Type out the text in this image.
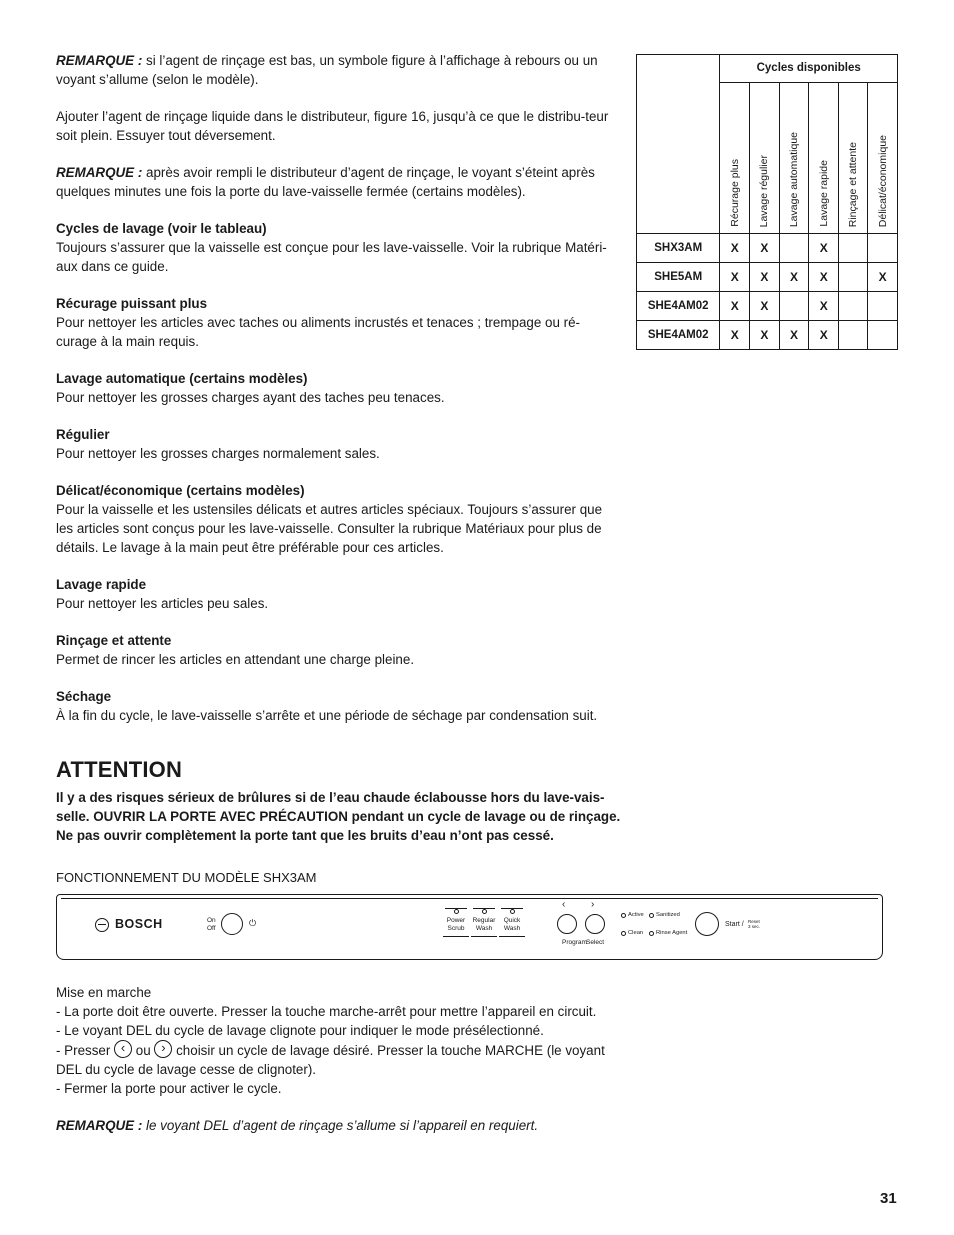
REMARQUE : si l’agent de rinçage est bas, un symbole figure à l’affichage à rebours ou un voyant s’allume (selon le modèle).

Ajouter l’agent de rinçage liquide dans le distributeur, figure 16, jusqu’à ce que le distribu-teur soit plein. Essuyer tout déversement.

REMARQUE : après avoir rempli le distributeur d’agent de rinçage, le voyant s’éteint après quelques minutes une fois la porte du lave-vaisselle fermée (certains modèles).

Cycles de lavage (voir le tableau)

Toujours s’assurer que la vaisselle est conçue pour les lave-vaisselle. Voir la rubrique Matéri-aux dans ce guide.

Récurage puissant plus

Pour nettoyer les articles avec taches ou aliments incrustés et tenaces ; trempage ou ré-curage à la main requis.

Lavage automatique (certains modèles)

Pour nettoyer les grosses charges ayant des taches peu tenaces.

Régulier

Pour nettoyer les grosses charges normalement sales.

Délicat/économique (certains modèles)

Pour la vaisselle et les ustensiles délicats et autres articles spéciaux. Toujours s’assurer que les articles sont conçus pour les lave-vaisselle. Consulter la rubrique Matériaux pour plus de détails. Le lavage à la main peut être préférable pour ces articles.

Lavage rapide

Pour nettoyer les articles peu sales.

Rinçage et attente

Permet de rincer les articles en attendant une charge pleine.

Séchage

À la fin du cycle, le lave-vaisselle s’arrête et une période de séchage par condensation suit.

ATTENTION

Il y a des risques sérieux de brûlures si de l’eau chaude éclabousse hors du lave-vais-selle. OUVRIR LA PORTE AVEC PRÉCAUTION pendant un cycle de lavage ou de rinçage. Ne pas ouvrir complètement la porte tant que les bruits d’eau n’ont pas cessé.

FONCTIONNEMENT DU MODÈLE SHX3AM
BOSCH	On
Off
⏻	Power
Scrub
Regular
Wash
Quick
Wash
‹	›
Program Select
Active Sanitized
Clean Rinse Agent
Start / Reset
3 sec.

Mise en marche

- La porte doit être ouverte. Presser la touche marche-arrêt pour mettre l’appareil en circuit.

- Le voyant DEL du cycle de lavage clignote pour indiquer le mode présélectionné.

- Presser ‹ ou › choisir un cycle de lavage désiré. Presser la touche MARCHE (le voyant DEL du cycle de lavage cesse de clignoter).

- Fermer la porte pour activer le cycle.

REMARQUE : le voyant DEL d’agent de rinçage s’allume si l’appareil en requiert.

	Cycles disponibles					

	Récurage plus	Lavage régulier	Lavage automatique	Lavage rapide	Rinçage et attente	Délicat/économique

SHX3AM	X	X		X		
SHE5AM	X	X	X	X		X
SHE4AM02	X	X		X		
SHE4AM02	X	X	X	X		
31
